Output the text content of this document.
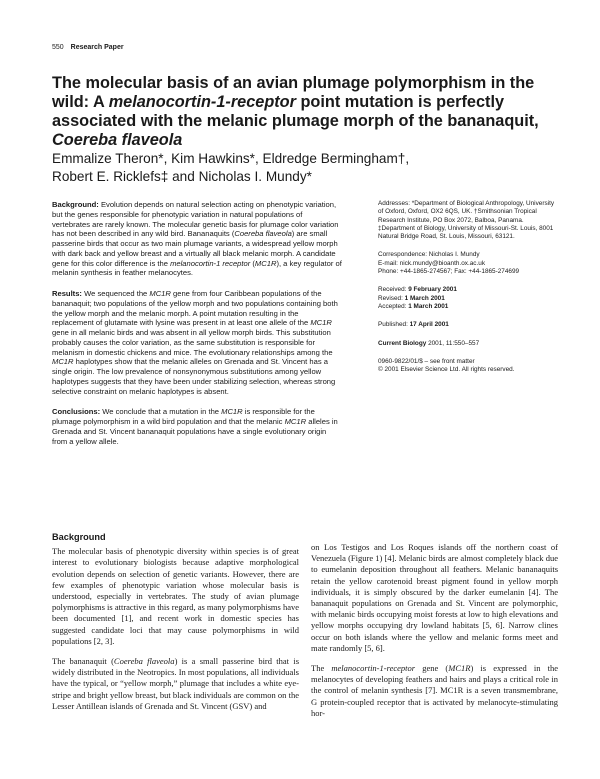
550 Research Paper
The molecular basis of an avian plumage polymorphism in the wild: A melanocortin-1-receptor point mutation is perfectly associated with the melanic plumage morph of the bananaquit, Coereba flaveola
Emmalize Theron*, Kim Hawkins*, Eldredge Bermingham†,
Robert E. Ricklefs‡ and Nicholas I. Mundy*

Background: Evolution depends on natural selection acting on phenotypic variation, but the genes responsible for phenotypic variation in natural populations of vertebrates are rarely known. The molecular genetic basis for plumage color variation has not been described in any wild bird. Bananaquits (Coereba flaveola) are small passerine birds that occur as two main plumage variants, a widespread yellow morph with dark back and yellow breast and a virtually all black melanic morph. A candidate gene for this color difference is the melanocortin-1 receptor (MC1R), a key regulator of melanin synthesis in feather melanocytes.

Results: We sequenced the MC1R gene from four Caribbean populations of the bananaquit; two populations of the yellow morph and two populations containing both the yellow morph and the melanic morph. A point mutation resulting in the replacement of glutamate with lysine was present in at least one allele of the MC1R gene in all melanic birds and was absent in all yellow morph birds. This substitution probably causes the color variation, as the same substitution is responsible for melanism in domestic chickens and mice. The evolutionary relationships among the MC1R haplotypes show that the melanic alleles on Grenada and St. Vincent has a single origin. The low prevalence of nonsynonymous substitutions among yellow haplotypes suggests that they have been under stabilizing selection, whereas strong selective constraint on melanic haplotypes is absent.

Conclusions: We conclude that a mutation in the MC1R is responsible for the plumage polymorphism in a wild bird population and that the melanic MC1R alleles in Grenada and St. Vincent bananaquit populations have a single evolutionary origin from a yellow allele.

Addresses: *Department of Biological Anthropology, University of Oxford, Oxford, OX2 6QS, UK. †Smithsonian Tropical Research Institute, PO Box 2072, Balboa, Panama. ‡Department of Biology, University of Missouri-St. Louis, 8001 Natural Bridge Road, St. Louis, Missouri, 63121.

Correspondence: Nicholas I. Mundy

E-mail: nick.mundy@bioanth.ox.ac.uk

Phone: +44-1865-274567; Fax: +44-1865-274699

Received: 9 February 2001

Revised: 1 March 2001

Accepted: 1 March 2001

Published: 17 April 2001

Current Biology 2001, 11:550–557

0960-9822/01/$ – see front matter

© 2001 Elsevier Science Ltd. All rights reserved.

Background

The molecular basis of phenotypic diversity within species is of great interest to evolutionary biologists because adaptive morphological evolution depends on selection of genetic variants. However, there are few examples of phenotypic variation whose molecular basis is understood, especially in vertebrates. The study of avian plumage polymorphisms is attractive in this regard, as many polymorphisms have been documented [1], and recent work in domestic species has suggested candidate loci that may cause polymorphisms in wild populations [2, 3].

The bananaquit (Coereba flaveola) is a small passerine bird that is widely distributed in the Neotropics. In most populations, all individuals have the typical, or “yellow morph,” plumage that includes a white eye-stripe and bright yellow breast, but black individuals are common on the Lesser Antillean islands of Grenada and St. Vincent (GSV) and

on Los Testigos and Los Roques islands off the northern coast of Venezuela (Figure 1) [4]. Melanic birds are almost completely black due to eumelanin deposition throughout all feathers. Melanic bananaquits retain the yellow carotenoid breast pigment found in yellow morph individuals, it is simply obscured by the darker eumelanin [4]. The bananaquit populations on Grenada and St. Vincent are polymorphic, with melanic birds occupying moist forests at low to high elevations and yellow morphs occupying dry lowland habitats [5, 6]. Narrow clines occur on both islands where the yellow and melanic forms meet and mate randomly [5, 6].

The melanocortin-1-receptor gene (MC1R) is expressed in the melanocytes of developing feathers and hairs and plays a critical role in the control of melanin synthesis [7]. MC1R is a seven transmembrane, G protein-coupled receptor that is activated by melanocyte-stimulating hor-
